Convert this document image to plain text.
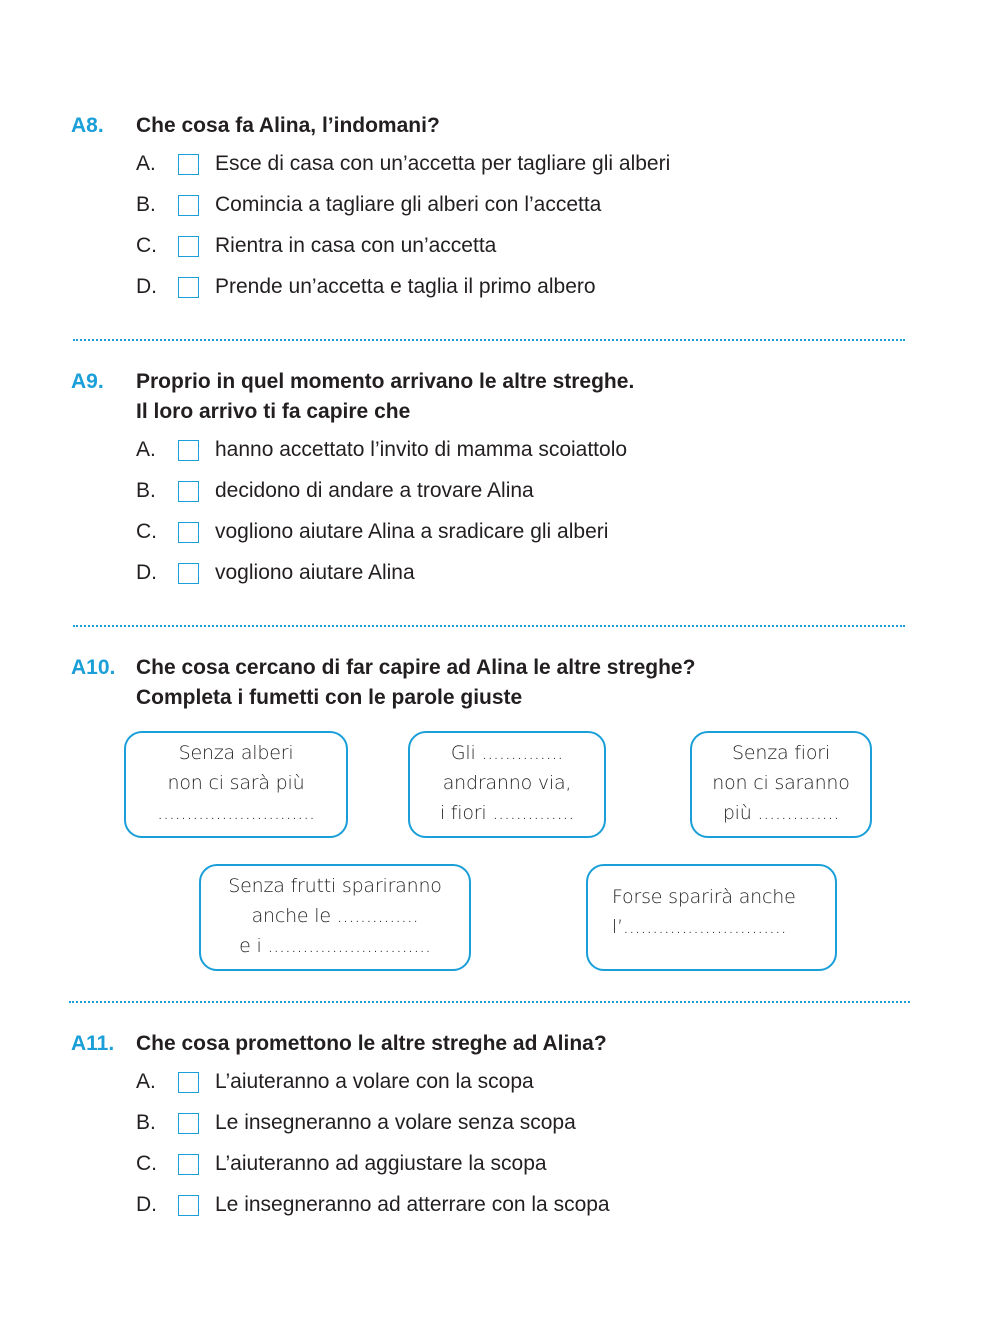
A8. Che cosa fa Alina, l’indomani?
A.	Esce di casa con un’accetta per tagliare gli alberi
B.	Comincia a tagliare gli alberi con l’accetta
C.	Rientra in casa con un’accetta
D.	Prende un’accetta e taglia il primo albero
A9. Proprio in quel momento arrivano le altre streghe.
Il loro arrivo ti fa capire che
A.	hanno accettato l’invito di mamma scoiattolo
B.	decidono di andare a trovare Alina
C.	vogliono aiutare Alina a sradicare gli alberi
D.	vogliono aiutare Alina
A10. Che cosa cercano di far capire ad Alina le altre streghe?
Completa i fumetti con le parole giuste
Senza alberi
non ci sarà più
...........................
Gli ..............
andranno via,
i fiori ..............
Senza fiori
non ci saranno
più ..............
Senza frutti spariranno
anche le ..............
e i ............................
Forse sparirà anche
l’............................
A11. Che cosa promettono le altre streghe ad Alina?
A.	L’aiuteranno a volare con la scopa
B.	Le insegneranno a volare senza scopa
C.	L’aiuteranno ad aggiustare la scopa
D.	Le insegneranno ad atterrare con la scopa
